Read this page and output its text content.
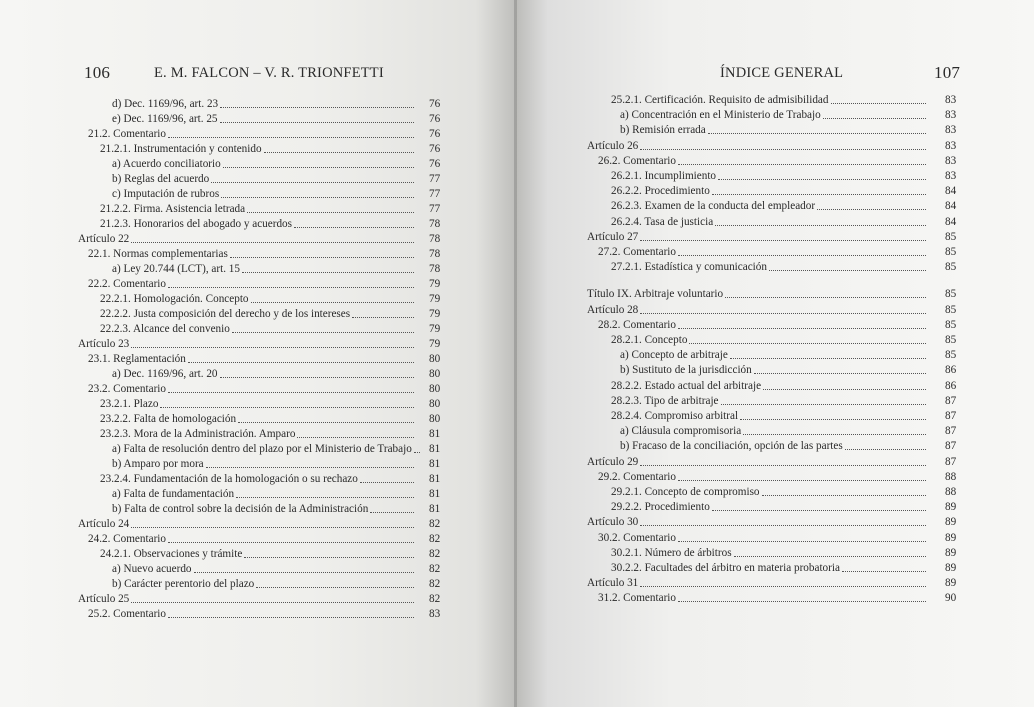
106	E. M. FALCON – V. R. TRIONFETTI
d) Dec. 1169/96, art. 23	76
e) Dec. 1169/96, art. 25	76
21.2. Comentario	76
21.2.1. Instrumentación y contenido	76
a) Acuerdo conciliatorio	76
b) Reglas del acuerdo	77
c) Imputación de rubros	77
21.2.2. Firma. Asistencia letrada	77
21.2.3. Honorarios del abogado y acuerdos	78
Artículo 22	78
22.1. Normas complementarias	78
a) Ley 20.744 (LCT), art. 15	78
22.2. Comentario	79
22.2.1. Homologación. Concepto	79
22.2.2. Justa composición del derecho y de los intereses	79
22.2.3. Alcance del convenio	79
Artículo 23	79
23.1. Reglamentación	80
a) Dec. 1169/96, art. 20	80
23.2. Comentario	80
23.2.1. Plazo	80
23.2.2. Falta de homologación	80
23.2.3. Mora de la Administración. Amparo	81
a) Falta de resolución dentro del plazo por el Ministerio de Trabajo 81
b) Amparo por mora	81
23.2.4. Fundamentación de la homologación o su rechazo	81
a) Falta de fundamentación	81
b) Falta de control sobre la decisión de la Administración	81
Artículo 24	82
24.2. Comentario	82
24.2.1. Observaciones y trámite	82
a) Nuevo acuerdo	82
b) Carácter perentorio del plazo	82
Artículo 25	82
25.2. Comentario	83
ÍNDICE GENERAL	107
25.2.1. Certificación. Requisito de admisibilidad	83
a) Concentración en el Ministerio de Trabajo	83
b) Remisión errada	83
Artículo 26	83
26.2. Comentario	83
26.2.1. Incumplimiento	83
26.2.2. Procedimiento	84
26.2.3. Examen de la conducta del empleador	84
26.2.4. Tasa de justicia	84
Artículo 27	85
27.2. Comentario	85
27.2.1. Estadística y comunicación	85
Título IX. Arbitraje voluntario	85
Artículo 28	85
28.2. Comentario	85
28.2.1. Concepto	85
a) Concepto de arbitraje	85
b) Sustituto de la jurisdicción	86
28.2.2. Estado actual del arbitraje	86
28.2.3. Tipo de arbitraje	87
28.2.4. Compromiso arbitral	87
a) Cláusula compromisoria	87
b) Fracaso de la conciliación, opción de las partes	87
Artículo 29	87
29.2. Comentario	88
29.2.1. Concepto de compromiso	88
29.2.2. Procedimiento	89
Artículo 30	89
30.2. Comentario	89
30.2.1. Número de árbitros	89
30.2.2. Facultades del árbitro en materia probatoria	89
Artículo 31	89
31.2. Comentario	90
